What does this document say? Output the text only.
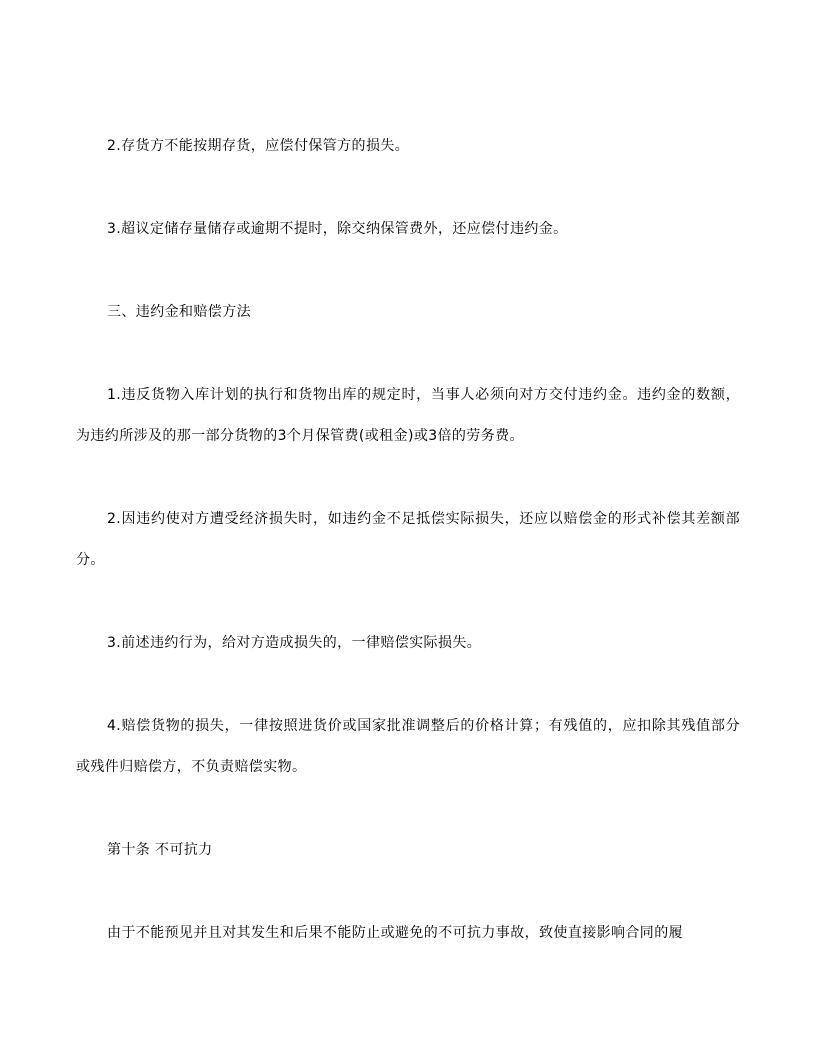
2.存货方不能按期存货，应偿付保管方的损失。

3.超议定储存量储存或逾期不提时，除交纳保管费外，还应偿付违约金。

三、违约金和赔偿方法

1.违反货物入库计划的执行和货物出库的规定时，当事人必须向对方交付违约金。违约金的数额，为违约所涉及的那一部分货物的3个月保管费(或租金)或3倍的劳务费。

2.因违约使对方遭受经济损失时，如违约金不足抵偿实际损失，还应以赔偿金的形式补偿其差额部分。

3.前述违约行为，给对方造成损失的，一律赔偿实际损失。

4.赔偿货物的损失，一律按照进货价或国家批准调整后的价格计算；有残值的，应扣除其残值部分或残件归赔偿方，不负责赔偿实物。

第十条 不可抗力

由于不能预见并且对其发生和后果不能防止或避免的不可抗力事故，致使直接影响合同的履
